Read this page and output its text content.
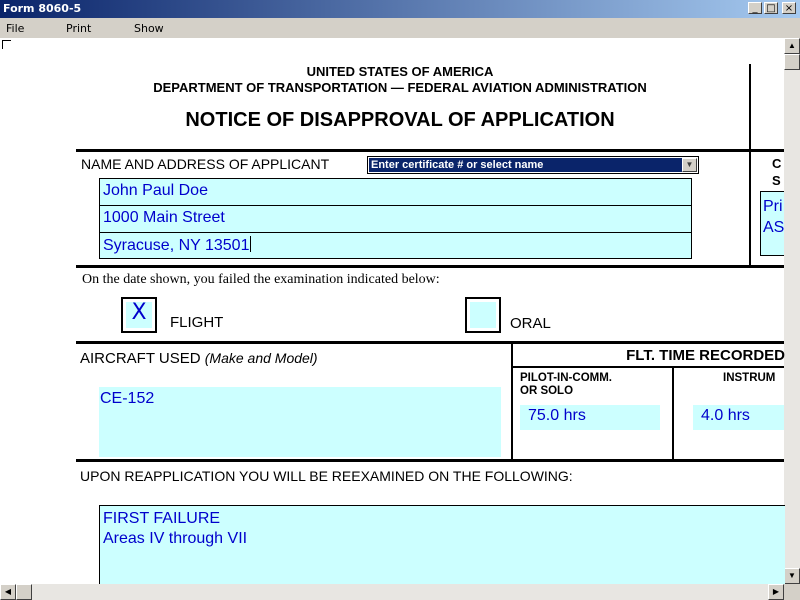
Form 8060-5	_ □ ×
File	Print	Show
▲
▼
◀	▶
UNITED STATES OF AMERICA
DEPARTMENT OF TRANSPORTATION — FEDERAL AVIATION ADMINISTRATION
NOTICE OF DISAPPROVAL OF APPLICATION
NAME AND ADDRESS OF APPLICANT	Enter certificate # or select name	▼
John Paul Doe
1000 Main Street
Syracuse, NY 13501
C
S
Pri
AS
On the date shown, you failed the examination indicated below:
X	FLIGHT	ORAL
AIRCRAFT USED (Make and Model)
CE-152
FLT. TIME RECORDED
PILOT-IN-COMM.
OR SOLO
75.0 hrs
INSTRUM
4.0 hrs
UPON REAPPLICATION YOU WILL BE REEXAMINED ON THE FOLLOWING:
FIRST FAILURE
Areas IV through VII
